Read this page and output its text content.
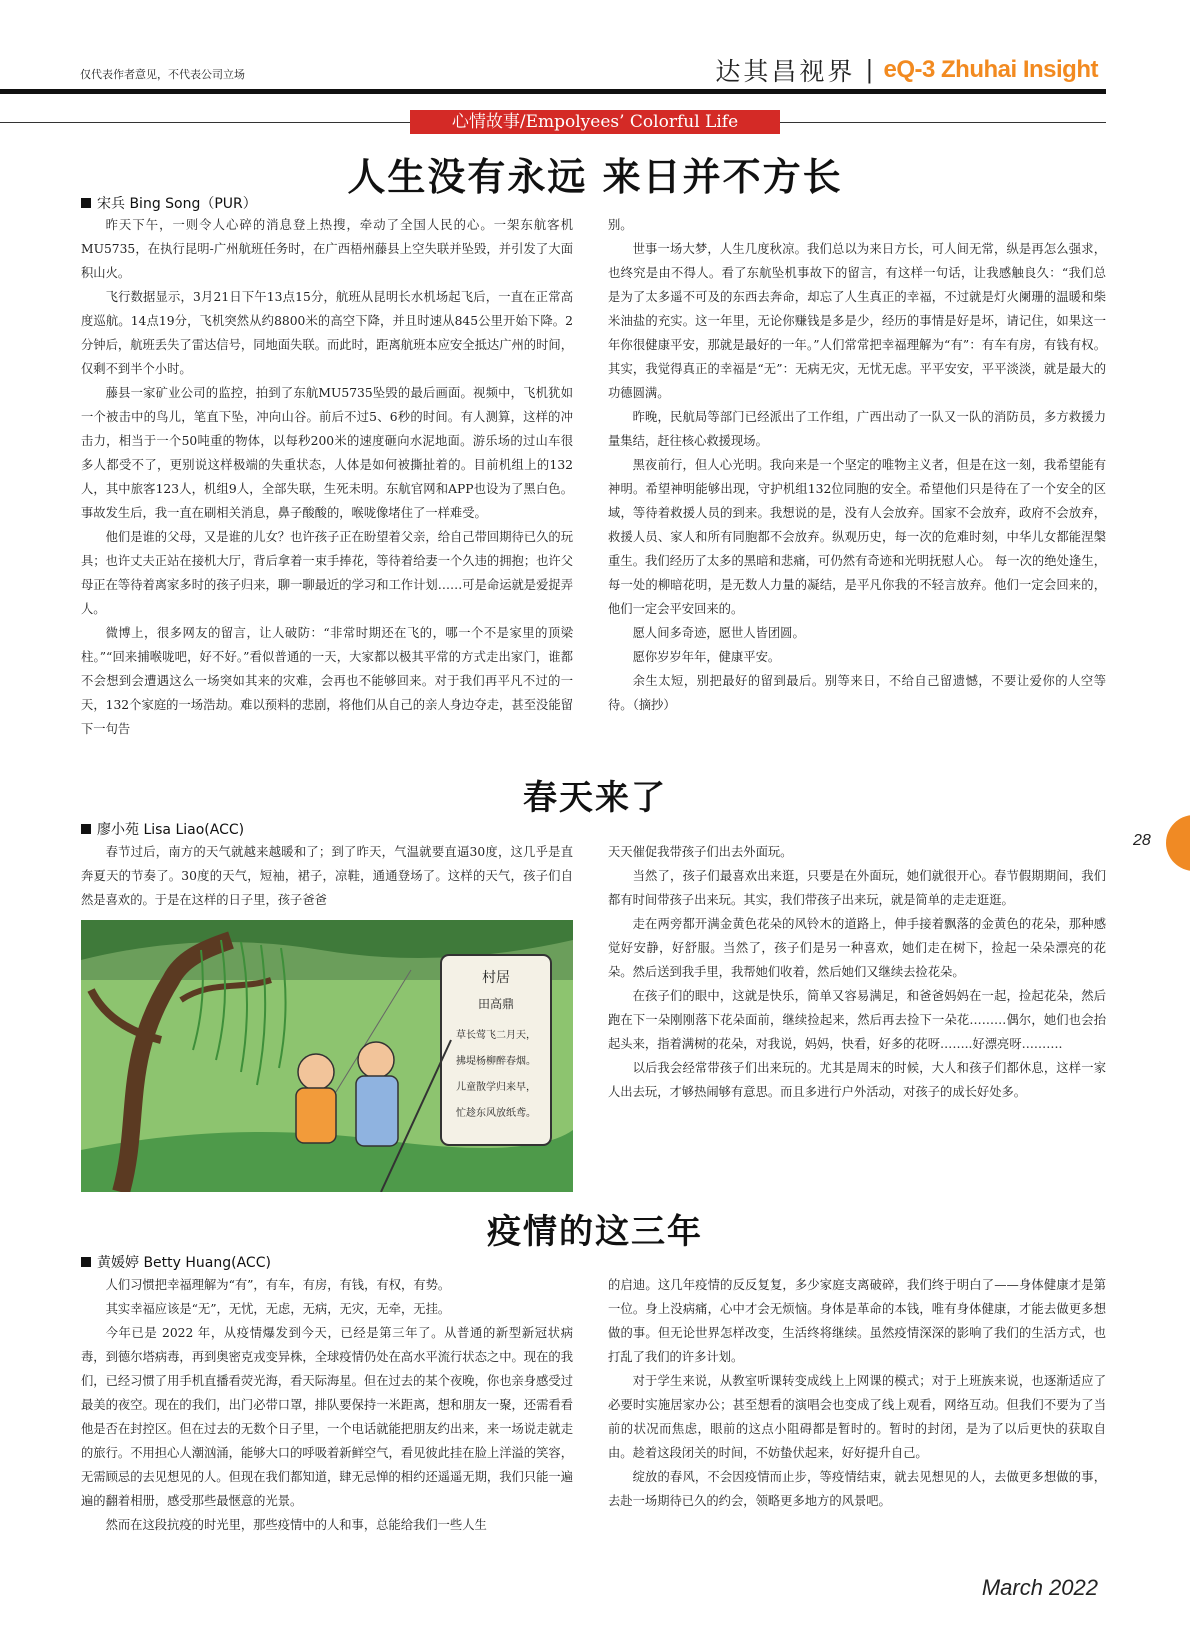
仅代表作者意见，不代表公司立场	达其昌视界 | eQ-3 Zhuhai Insight
心情故事/Empolyees’ Colorful Life
人生没有永远 来日并不方长
宋兵 Bing Song（PUR）

昨天下午，一则令人心碎的消息登上热搜，牵动了全国人民的心。一架东航客机MU5735，在执行昆明-广州航班任务时，在广西梧州藤县上空失联并坠毁，并引发了大面积山火。

飞行数据显示，3月21日下午13点15分，航班从昆明长水机场起飞后，一直在正常高度巡航。14点19分，飞机突然从约8800米的高空下降，并且时速从845公里开始下降。2分钟后，航班丢失了雷达信号，同地面失联。而此时，距离航班本应安全抵达广州的时间，仅剩不到半个小时。

藤县一家矿业公司的监控，拍到了东航MU5735坠毁的最后画面。视频中，飞机犹如一个被击中的鸟儿，笔直下坠，冲向山谷。前后不过5、6秒的时间。有人测算，这样的冲击力，相当于一个50吨重的物体，以每秒200米的速度砸向水泥地面。游乐场的过山车很多人都受不了，更别说这样极端的失重状态，人体是如何被撕扯着的。目前机组上的132人，其中旅客123人，机组9人，全部失联，生死未明。东航官网和APP也设为了黑白色。事故发生后，我一直在刷相关消息，鼻子酸酸的，喉咙像堵住了一样难受。

他们是谁的父母，又是谁的儿女？也许孩子正在盼望着父亲，给自己带回期待已久的玩具；也许丈夫正站在接机大厅，背后拿着一束手捧花，等待着给妻一个久违的拥抱；也许父母正在等待着离家多时的孩子归来，聊一聊最近的学习和工作计划……可是命运就是爱捉弄人。

微博上，很多网友的留言，让人破防：“非常时期还在飞的，哪一个不是家里的顶梁柱。”“回来捕喉咙吧，好不好。”看似普通的一天，大家都以极其平常的方式走出家门，谁都不会想到会遭遇这么一场突如其来的灾难，会再也不能够回来。对于我们再平凡不过的一天，132个家庭的一场浩劫。难以预料的悲剧，将他们从自己的亲人身边夺走，甚至没能留下一句告

别。

世事一场大梦，人生几度秋凉。我们总以为来日方长，可人间无常，纵是再怎么强求，也终究是由不得人。看了东航坠机事故下的留言，有这样一句话，让我感触良久：“我们总是为了太多遥不可及的东西去奔命，却忘了人生真正的幸福，不过就是灯火阑珊的温暖和柴米油盐的充实。这一年里，无论你赚钱是多是少，经历的事情是好是坏，请记住，如果这一年你很健康平安，那就是最好的一年。”人们常常把幸福理解为“有”：有车有房，有钱有权。其实，我觉得真正的幸福是“无”：无病无灾，无忧无虑。平平安安，平平淡淡，就是最大的功德圆满。

昨晚，民航局等部门已经派出了工作组，广西出动了一队又一队的消防员，多方救援力量集结，赶往核心救援现场。

黑夜前行，但人心光明。我向来是一个坚定的唯物主义者，但是在这一刻，我希望能有神明。希望神明能够出现，守护机组132位同胞的安全。希望他们只是待在了一个安全的区域，等待着救援人员的到来。我想说的是，没有人会放弃。国家不会放弃，政府不会放弃，救援人员、家人和所有同胞都不会放弃。纵观历史，每一次的危难时刻，中华儿女都能涅槃重生。我们经历了太多的黑暗和悲痛，可仍然有奇迹和光明抚慰人心。 每一次的绝处逢生，每一处的柳暗花明，是无数人力量的凝结，是平凡你我的不轻言放弃。他们一定会回来的，他们一定会平安回来的。

愿人间多奇迹，愿世人皆团圆。

愿你岁岁年年，健康平安。

余生太短，别把最好的留到最后。别等来日，不给自己留遗憾，不要让爱你的人空等待。（摘抄）

春天来了
廖小苑 Lisa Liao(ACC)

春节过后，南方的天气就越来越暖和了；到了昨天，气温就要直逼30度，这几乎是直奔夏天的节奏了。30度的天气，短袖，裙子，凉鞋，通通登场了。这样的天气，孩子们自然是喜欢的。于是在这样的日子里，孩子爸爸

村居
田高鼎
草长莺飞二月天，
拂堤杨柳醉春烟。
儿童散学归来早，
忙趁东风放纸鸢。

天天催促我带孩子们出去外面玩。

当然了，孩子们最喜欢出来逛，只要是在外面玩，她们就很开心。春节假期期间，我们都有时间带孩子出来玩。其实，我们带孩子出来玩，就是简单的走走逛逛。

走在两旁都开满金黄色花朵的风铃木的道路上，伸手接着飘落的金黄色的花朵，那种感觉好安静，好舒服。当然了，孩子们是另一种喜欢，她们走在树下，捡起一朵朵漂亮的花朵。然后送到我手里，我帮她们收着，然后她们又继续去捡花朵。

在孩子们的眼中，这就是快乐，简单又容易满足，和爸爸妈妈在一起，捡起花朵，然后跑在下一朵刚刚落下花朵面前，继续捡起来，然后再去捡下一朵花………偶尔，她们也会抬起头来，指着满树的花朵，对我说，妈妈，快看，好多的花呀……..好漂亮呀……….

以后我会经常带孩子们出来玩的。尤其是周末的时候，大人和孩子们都休息，这样一家人出去玩，才够热闹够有意思。而且多进行户外活动，对孩子的成长好处多。

疫情的这三年
黄媛婷 Betty Huang(ACC)

人们习惯把幸福理解为“有”，有车，有房，有钱，有权，有势。

其实幸福应该是“无”，无忧，无虑，无病，无灾，无牵，无挂。

今年已是 2022 年，从疫情爆发到今天，已经是第三年了。从普通的新型新冠状病毒，到德尔塔病毒，再到奥密克戎变异株，全球疫情仍处在高水平流行状态之中。现在的我们，已经习惯了用手机直播看荧光海，看天际海星。但在过去的某个夜晚，你也亲身感受过最美的夜空。现在的我们，出门必带口罩，排队要保持一米距离，想和朋友一聚，还需看看他是否在封控区。但在过去的无数个日子里，一个电话就能把朋友约出来，来一场说走就走的旅行。不用担心人潮汹涌，能够大口的呼吸着新鲜空气，看见彼此挂在脸上洋溢的笑容，无需顾忌的去见想见的人。但现在我们都知道，肆无忌惮的相约还遥遥无期，我们只能一遍遍的翻着相册，感受那些最惬意的光景。

然而在这段抗疫的时光里，那些疫情中的人和事，总能给我们一些人生

的启迪。这几年疫情的反反复复，多少家庭支离破碎，我们终于明白了——身体健康才是第一位。身上没病痛，心中才会无烦恼。身体是革命的本钱，唯有身体健康，才能去做更多想做的事。但无论世界怎样改变，生活终将继续。虽然疫情深深的影响了我们的生活方式，也打乱了我们的许多计划。

对于学生来说，从教室听课转变成线上上网课的模式；对于上班族来说，也逐渐适应了必要时实施居家办公；甚至想看的演唱会也变成了线上观看，网络互动。但我们不要为了当前的状况而焦虑，眼前的这点小阻碍都是暂时的。暂时的封闭，是为了以后更快的获取自由。趁着这段闭关的时间，不妨蛰伏起来，好好提升自己。

绽放的春风，不会因疫情而止步，等疫情结束，就去见想见的人，去做更多想做的事，去赴一场期待已久的约会，领略更多地方的风景吧。

28
March 2022
